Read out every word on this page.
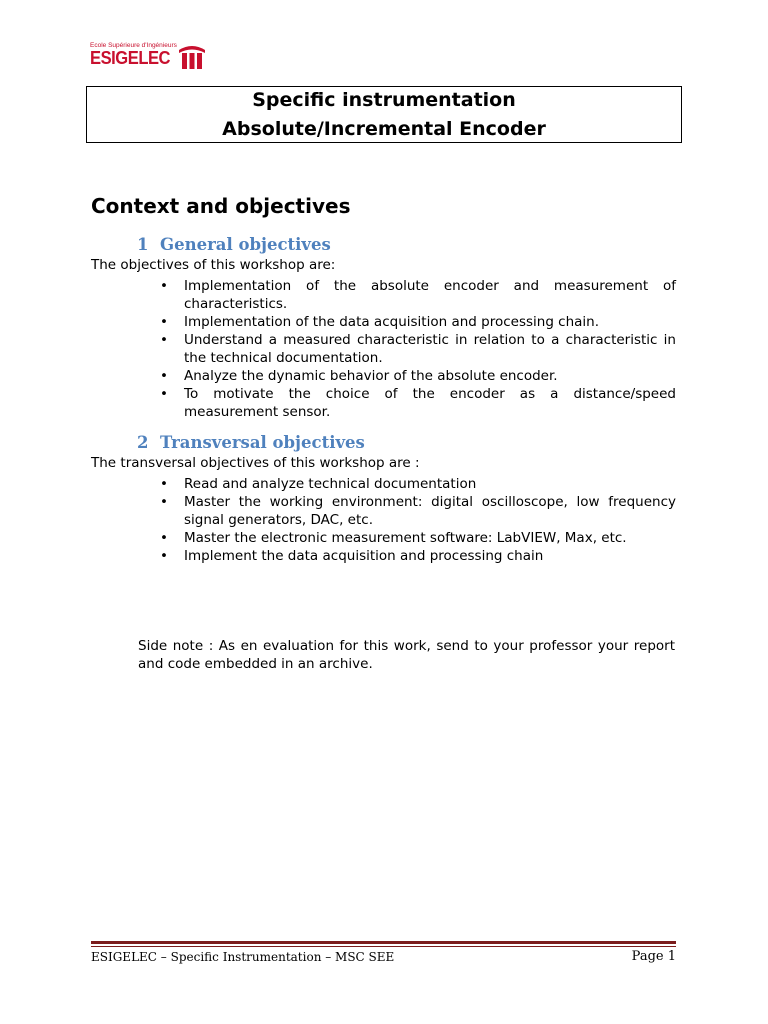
Ecole Supérieure d'Ingénieurs
ESIGELEC
Specific instrumentation
Absolute/Incremental Encoder
Context and objectives
1 General objectives
The objectives of this workshop are:
• Implementation of the absolute encoder and measurement of characteristics.
• Implementation of the data acquisition and processing chain.
• Understand a measured characteristic in relation to a characteristic in the technical documentation.
• Analyze the dynamic behavior of the absolute encoder.
• To motivate the choice of the encoder as a distance/speed measurement sensor.
2 Transversal objectives
The transversal objectives of this workshop are :
• Read and analyze technical documentation
• Master the working environment: digital oscilloscope, low frequency signal generators, DAC, etc.
• Master the electronic measurement software: LabVIEW, Max, etc.
• Implement the data acquisition and processing chain
Side note : As en evaluation for this work, send to your professor your report and code embedded in an archive.
ESIGELEC – Specific Instrumentation – MSC SEE	Page 1
